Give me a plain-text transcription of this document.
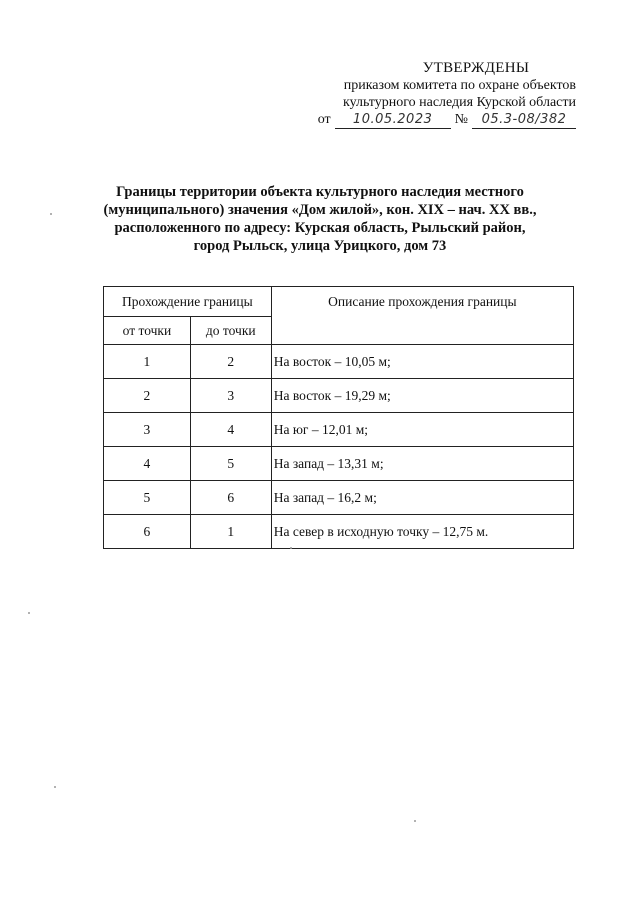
УТВЕРЖДЕНЫ
приказом комитета по охране объектов
культурного наследия Курской области
от	10.05.2023	№	05.3-08/382
Границы территории объекта культурного наследия местного
(муниципального) значения «Дом жилой», кон. XIX – нач. XX вв.,
расположенного по адресу: Курская область, Рыльский район,
город Рыльск, улица Урицкого, дом 73
Прохождение границы		Описание прохождения границы
от точки	до точки	
1	2	На восток – 10,05 м;
2	3	На восток – 19,29 м;
3	4	На юг – 12,01 м;
4	5	На запад – 13,31 м;
5	6	На запад – 16,2 м;
6	1	На север в исходную точку – 12,75 м.
